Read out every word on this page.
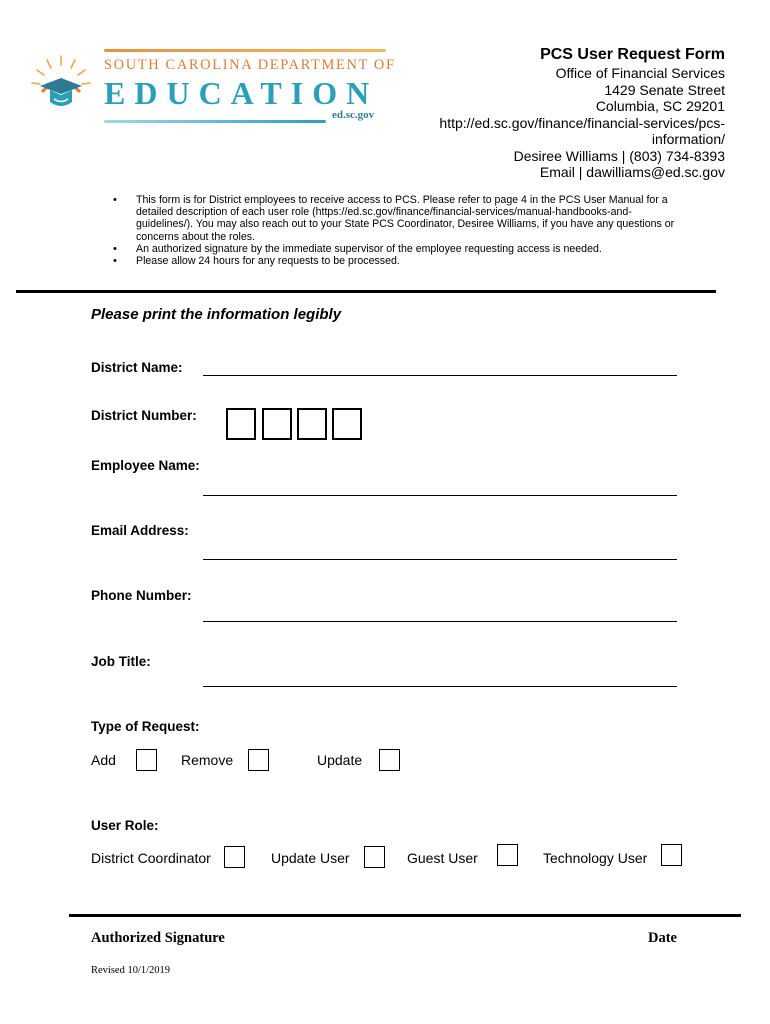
SOUTH CAROLINA DEPARTMENT OF
EDUCATION
ed.sc.gov
PCS User Request Form
Office of Financial Services
1429 Senate Street
Columbia, SC 29201
http://ed.sc.gov/finance/financial-services/pcs-
information/
Desiree Williams | (803) 734-8393
Email | dawilliams@ed.sc.gov
• This form is for District employees to receive access to PCS. Please refer to page 4 in the PCS User Manual for a detailed description of each user role (https://ed.sc.gov/finance/financial-services/manual-handbooks-and-guidelines/). You may also reach out to your State PCS Coordinator, Desiree Williams, if you have any questions or concerns about the roles.
• An authorized signature by the immediate supervisor of the employee requesting access is needed.
• Please allow 24 hours for any requests to be processed.
Please print the information legibly
District Name:
District Number:
Employee Name:
Email Address:
Phone Number:
Job Title:
Type of Request:
Add	Remove	Update
User Role:
District Coordinator	Update User	Guest User	Technology User
Authorized Signature	Date
Revised 10/1/2019
